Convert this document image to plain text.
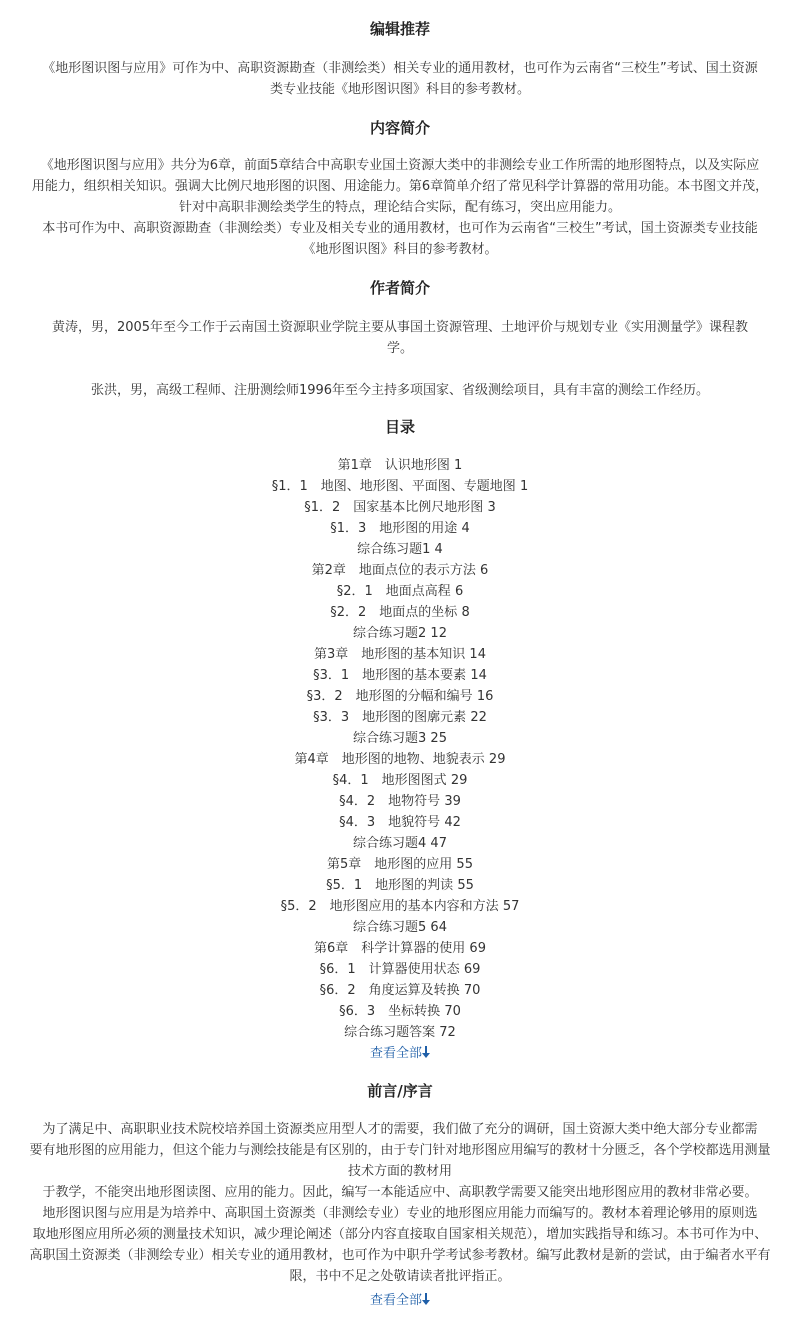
编辑推荐
《地形图识图与应用》可作为中、高职资源勘查（非测绘类）相关专业的通用教材，也可作为云南省“三校生”考试、国土资源
类专业技能《地形图识图》科目的参考教材。
内容简介
《地形图识图与应用》共分为6章，前面5章结合中高职专业国土资源大类中的非测绘专业工作所需的地形图特点，以及实际应
用能力，组织相关知识。强调大比例尺地形图的识图、用途能力。第6章简单介绍了常见科学计算器的常用功能。本书图文并茂，
针对中高职非测绘类学生的特点，理论结合实际，配有练习，突出应用能力。
本书可作为中、高职资源勘查（非测绘类）专业及相关专业的通用教材，也可作为云南省“三校生”考试，国土资源类专业技能
《地形图识图》科目的参考教材。
作者简介
黄涛，男，2005年至今工作于云南国土资源职业学院主要从事国土资源管理、土地评价与规划专业《实用测量学》课程教
学。
张洪，男，高级工程师、注册测绘师1996年至今主持多项国家、省级测绘项目，具有丰富的测绘工作经历。
目录
第1章　认识地形图 1
§1．1　地图、地形图、平面图、专题地图 1
§1．2　国家基本比例尺地形图 3
§1．3　地形图的用途 4
综合练习题1 4
第2章　地面点位的表示方法 6
§2．1　地面点高程 6
§2．2　地面点的坐标 8
综合练习题2 12
第3章　地形图的基本知识 14
§3．1　地形图的基本要素 14
§3．2　地形图的分幅和编号 16
§3．3　地形图的图廓元素 22
综合练习题3 25
第4章　地形图的地物、地貌表示 29
§4．1　地形图图式 29
§4．2　地物符号 39
§4．3　地貌符号 42
综合练习题4 47
第5章　地形图的应用 55
§5．1　地形图的判读 55
§5．2　地形图应用的基本内容和方法 57
综合练习题5 64
第6章　科学计算器的使用 69
§6．1　计算器使用状态 69
§6．2　角度运算及转换 70
§6．3　坐标转换 70
综合练习题答案 72
查看全部
前言/序言
为了满足中、高职职业技术院校培养国土资源类应用型人才的需要，我们做了充分的调研，国土资源大类中绝大部分专业都需
要有地形图的应用能力，但这个能力与测绘技能是有区别的，由于专门针对地形图应用编写的教材十分匮乏，各个学校都选用测量
技术方面的教材用
于教学，不能突出地形图读图、应用的能力。因此，编写一本能适应中、高职教学需要又能突出地形图应用的教材非常必要。
地形图识图与应用是为培养中、高职国土资源类（非测绘专业）专业的地形图应用能力而编写的。教材本着理论够用的原则选
取地形图应用所必须的测量技术知识，减少理论阐述（部分内容直接取自国家相关规范），增加实践指导和练习。本书可作为中、
高职国土资源类（非测绘专业）相关专业的通用教材，也可作为中职升学考试参考教材。编写此教材是新的尝试，由于编者水平有
限，书中不足之处敬请读者批评指正。
查看全部
